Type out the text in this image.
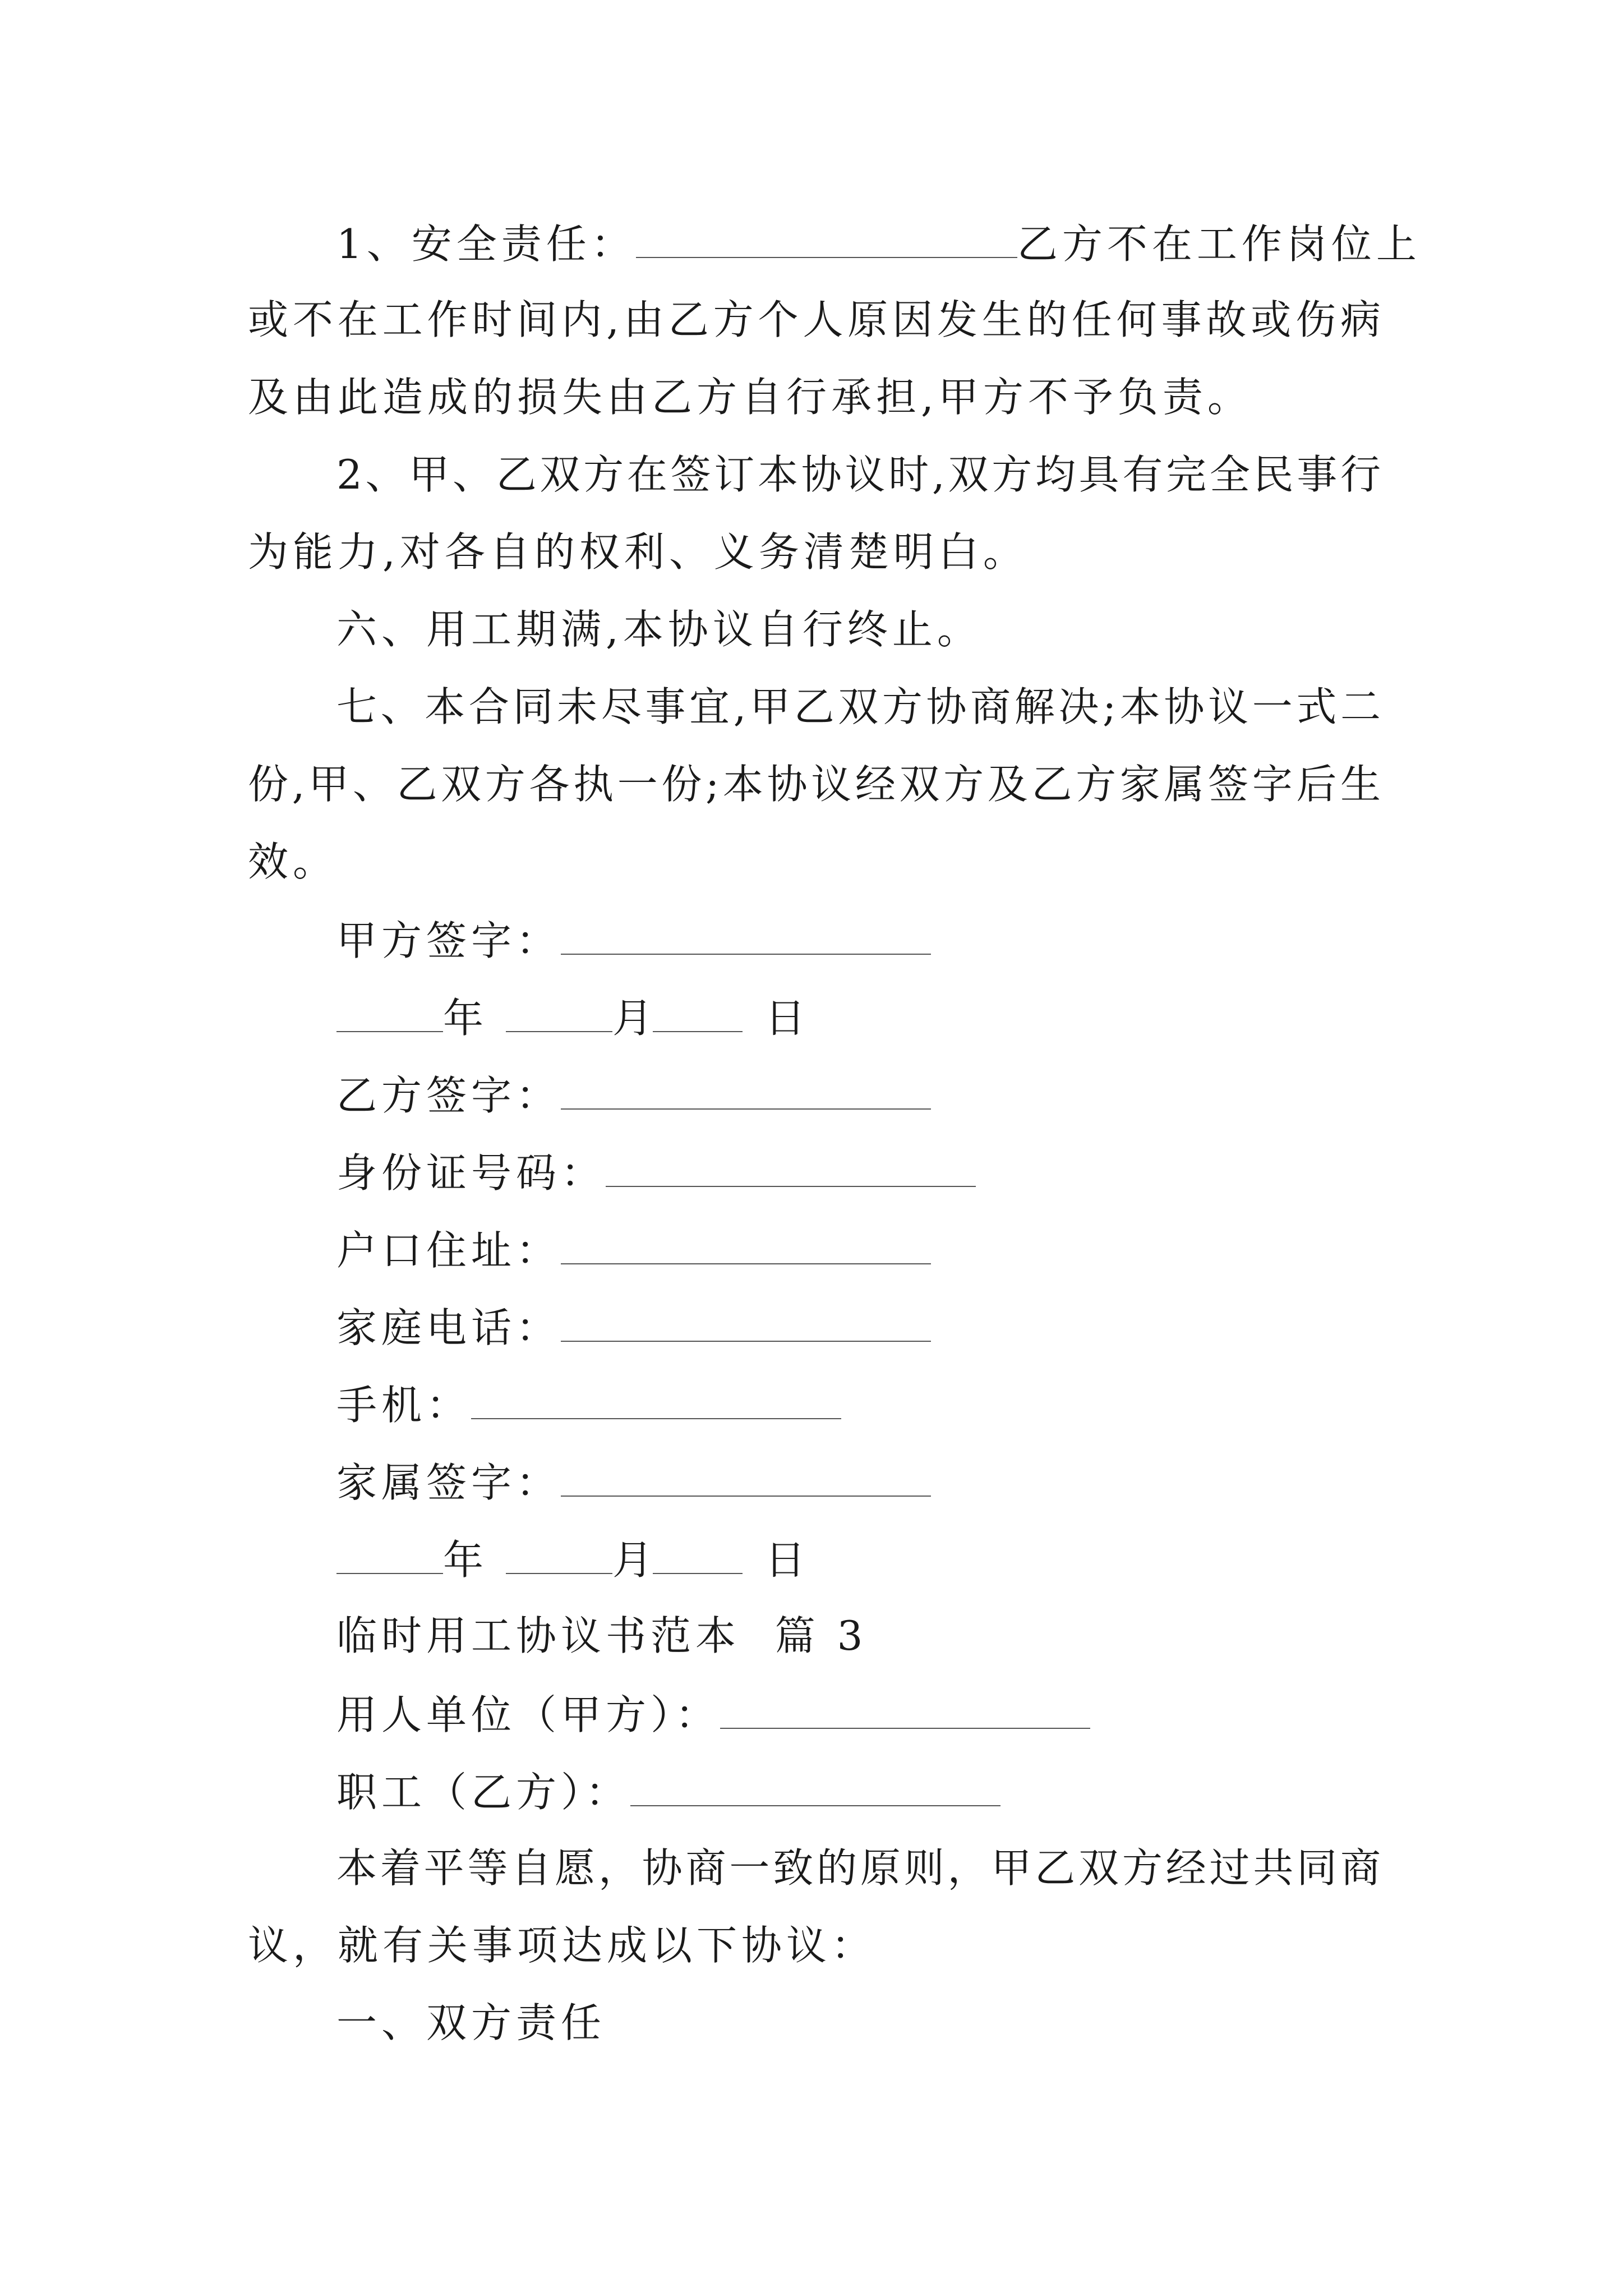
1、安全责任：	乙方不在工作岗位上
或不在工作时间内,由乙方个人原因发生的任何事故或伤病
及由此造成的损失由乙方自行承担,甲方不予负责。
2、甲、乙双方在签订本协议时,双方均具有完全民事行
为能力,对各自的权利、义务清楚明白。
六、用工期满,本协议自行终止。
七、本合同未尽事宜,甲乙双方协商解决;本协议一式二
份,甲、乙双方各执一份;本协议经双方及乙方家属签字后生
效。
甲方签字：
年	月	日
乙方签字：
身份证号码：
户口住址：
家庭电话：
手机：
家属签字：
年	月	日
临时用工协议书范本  篇 3
用人单位（甲方）：
职工（乙方）：
本着平等自愿，协商一致的原则，甲乙双方经过共同商
议，就有关事项达成以下协议：
一、双方责任
